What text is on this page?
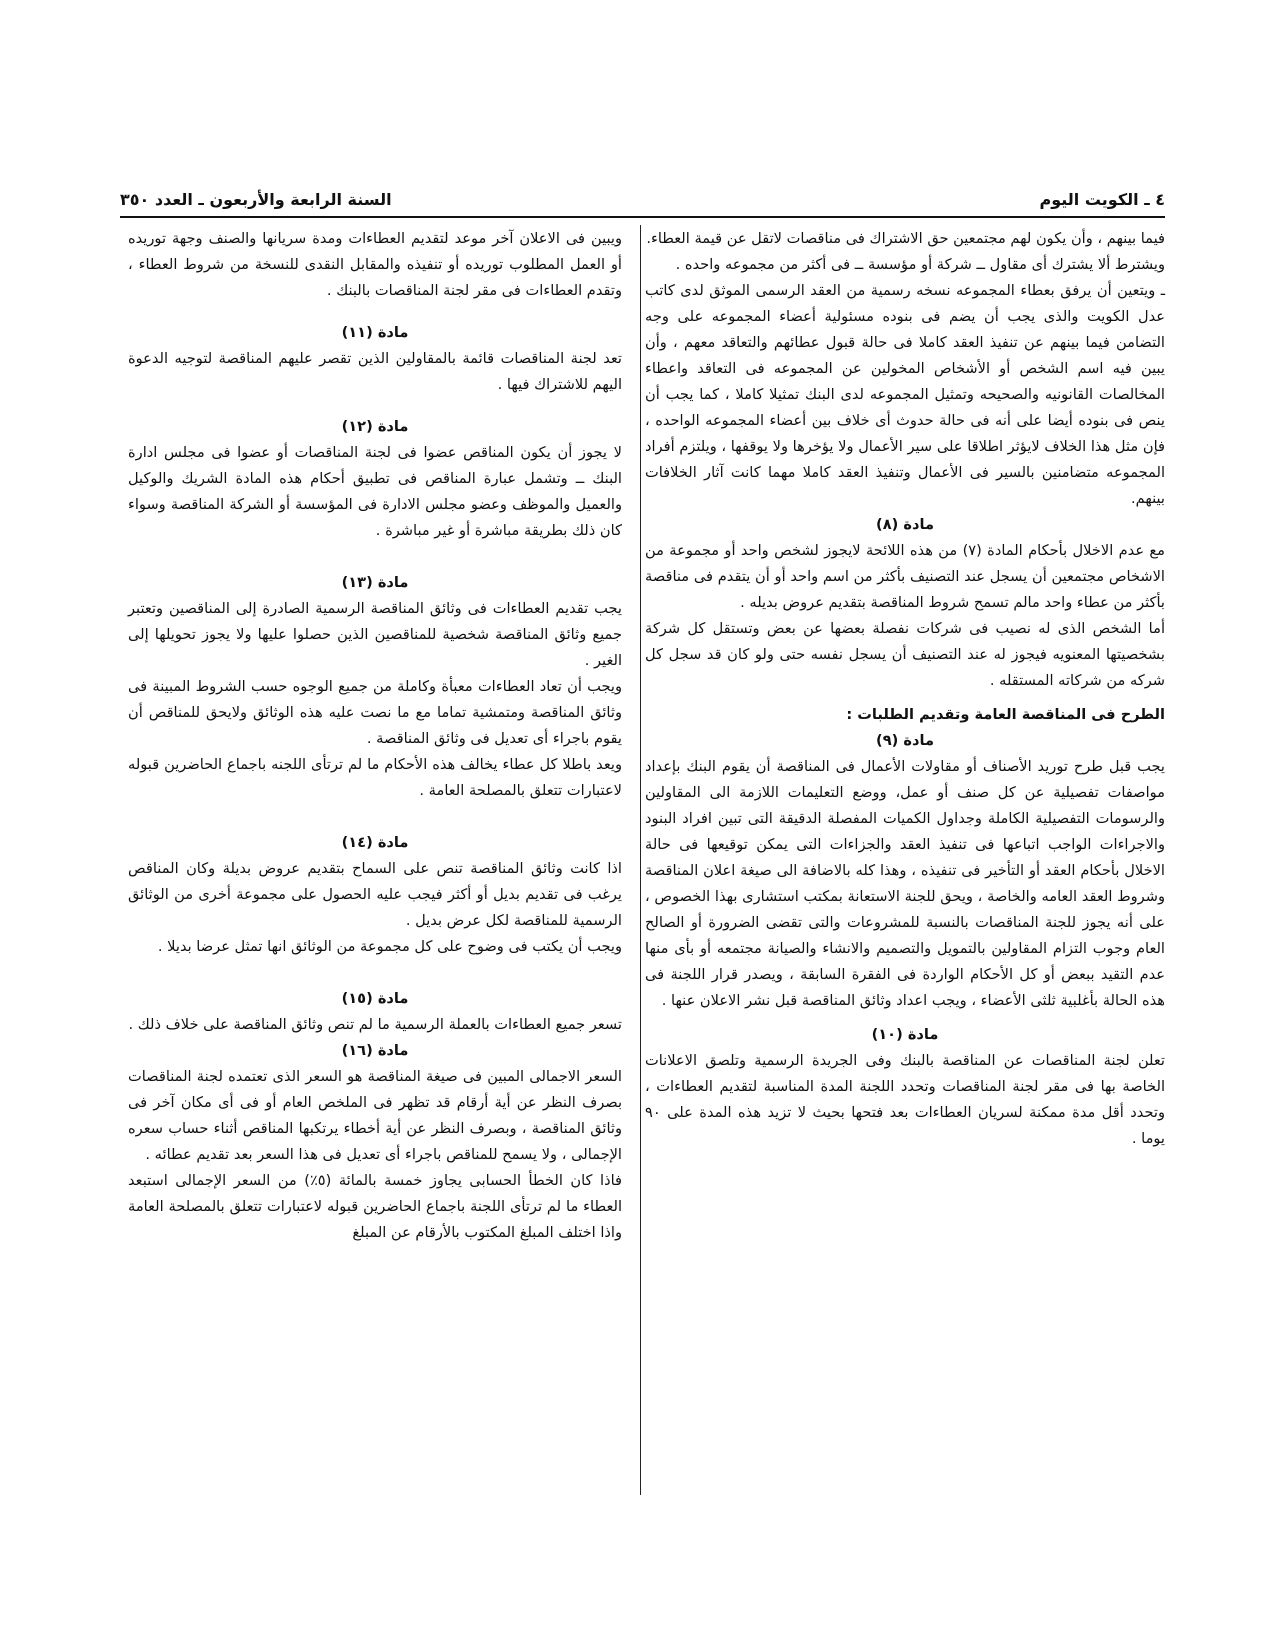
٤ ـ الكويت اليوم
السنة الرابعة والأربعون ـ العدد ٣٥٠

فيما بينهم ، وأن يكون لهم مجتمعين حق الاشتراك فى مناقصات لاتقل عن قيمة العطاء.

ويشترط ألا يشترك أى مقاول ــ شركة أو مؤسسة ــ فى أكثر من مجموعه واحده .

ـ ويتعين أن يرفق بعطاء المجموعه نسخه رسمية من العقد الرسمى الموثق لدى كاتب عدل الكويت والذى يجب أن يضم فى بنوده مسئولية أعضاء المجموعه على وجه التضامن فيما بينهم عن تنفيذ العقد كاملا فى حالة قبول عطائهم والتعاقد معهم ، وأن يبين فيه اسم الشخص أو الأشخاص المخولين عن المجموعه فى التعاقد واعطاء المخالصات القانونيه والصحيحه وتمثيل المجموعه لدى البنك تمثيلا كاملا ، كما يجب أن ينص فى بنوده أيضا على أنه فى حالة حدوث أى خلاف بين أعضاء المجموعه الواحده ، فإن مثل هذا الخلاف لايؤثر اطلاقا على سير الأعمال ولا يؤخرها ولا يوقفها ، ويلتزم أفراد المجموعه متضامنين بالسير فى الأعمال وتنفيذ العقد كاملا مهما كانت آثار الخلافات بينهم.

مادة (٨)

مع عدم الاخلال بأحكام المادة (٧) من هذه اللائحة لايجوز لشخص واحد أو مجموعة من الاشخاص مجتمعين أن يسجل عند التصنيف بأكثر من اسم واحد أو أن يتقدم فى مناقصة بأكثر من عطاء واحد مالم تسمح شروط المناقصة بتقديم عروض بديله .

أما الشخص الذى له نصيب فى شركات نفصلة بعضها عن بعض وتستقل كل شركة بشخصيتها المعنويه فيجوز له عند التصنيف أن يسجل نفسه حتى ولو كان قد سجل كل شركه من شركاته المستقله .

الطرح فى المناقصة العامة وتقديم الطلبات :

مادة (٩)

يجب قبل طرح توريد الأصناف أو مقاولات الأعمال فى المناقصة أن يقوم البنك بإعداد مواصفات تفصيلية عن كل صنف أو عمل، ووضع التعليمات اللازمة الى المقاولين والرسومات التفصيلية الكاملة وجداول الكميات المفصلة الدقيقة التى تبين افراد البنود والاجراءات الواجب اتباعها فى تنفيذ العقد والجزاءات التى يمكن توقيعها فى حالة الاخلال بأحكام العقد أو التأخير فى تنفيذه ، وهذا كله بالاضافة الى صيغة اعلان المناقصة وشروط العقد العامه والخاصة ، ويحق للجنة الاستعانة بمكتب استشارى بهذا الخصوص ، على أنه يجوز للجنة المناقصات بالنسبة للمشروعات والتى تقضى الضرورة أو الصالح العام وجوب التزام المقاولين بالتمويل والتصميم والانشاء والصيانة مجتمعه أو بأى منها عدم التقيد ببعض أو كل الأحكام الواردة فى الفقرة السابقة ، ويصدر قرار اللجنة فى هذه الحالة بأغلبية ثلثى الأعضاء ، ويجب اعداد وثائق المناقصة قبل نشر الاعلان عنها .

مادة (١٠)

تعلن لجنة المناقصات عن المناقصة بالبنك وفى الجريدة الرسمية وتلصق الاعلانات الخاصة بها فى مقر لجنة المناقصات وتحدد اللجنة المدة المناسبة لتقديم العطاءات ، وتحدد أقل مدة ممكنة لسريان العطاءات بعد فتحها بحيث لا تزيد هذه المدة على ٩٠ يوما .

ويبين فى الاعلان آخر موعد لتقديم العطاءات ومدة سريانها والصنف وجهة توريده أو العمل المطلوب توريده أو تنفيذه والمقابل النقدى للنسخة من شروط العطاء ، وتقدم العطاءات فى مقر لجنة المناقصات بالبنك .

مادة (١١)

تعد لجنة المناقصات قائمة بالمقاولين الذين تقصر عليهم المناقصة لتوجيه الدعوة اليهم للاشتراك فيها .

مادة (١٢)

لا يجوز أن يكون المناقص عضوا فى لجنة المناقصات أو عضوا فى مجلس ادارة البنك ــ وتشمل عبارة المناقص فى تطبيق أحكام هذه المادة الشريك والوكيل والعميل والموظف وعضو مجلس الادارة فى المؤسسة أو الشركة المناقصة وسواء كان ذلك بطريقة مباشرة أو غير مباشرة .

مادة (١٣)

يجب تقديم العطاءات فى وثائق المناقصة الرسمية الصادرة إلى المناقصين وتعتبر جميع وثائق المناقصة شخصية للمناقصين الذين حصلوا عليها ولا يجوز تحويلها إلى الغير .

ويجب أن تعاد العطاءات معبأة وكاملة من جميع الوجوه حسب الشروط المبينة فى وثائق المناقصة ومتمشية تماما مع ما نصت عليه هذه الوثائق ولايحق للمناقص أن يقوم باجراء أى تعديل فى وثائق المناقصة .

ويعد باطلا كل عطاء يخالف هذه الأحكام ما لم ترتأى اللجنه باجماع الحاضرين قبوله لاعتبارات تتعلق بالمصلحة العامة .

مادة (١٤)

اذا كانت وثائق المناقصة تنص على السماح بتقديم عروض بديلة وكان المناقص يرغب فى تقديم بديل أو أكثر فيجب عليه الحصول على مجموعة أخرى من الوثائق الرسمية للمناقصة لكل عرض بديل .

ويجب أن يكتب فى وضوح على كل مجموعة من الوثائق انها تمثل عرضا بديلا .

مادة (١٥)

تسعر جميع العطاءات بالعملة الرسمية ما لم تنص وثائق المناقصة على خلاف ذلك .

مادة (١٦)

السعر الاجمالى المبين فى صيغة المناقصة هو السعر الذى تعتمده لجنة المناقصات بصرف النظر عن أية أرقام قد تظهر فى الملخص العام أو فى أى مكان آخر فى وثائق المناقصة ، وبصرف النظر عن أية أخطاء يرتكبها المناقص أثناء حساب سعره الإجمالى ، ولا يسمح للمناقص باجراء أى تعديل فى هذا السعر بعد تقديم عطائه .

فاذا كان الخطأ الحسابى يجاوز خمسة بالمائة (٥٪) من السعر الإجمالى استبعد العطاء ما لم ترتأى اللجنة باجماع الحاضرين قبوله لاعتبارات تتعلق بالمصلحة العامة واذا اختلف المبلغ المكتوب بالأرقام عن المبلغ
